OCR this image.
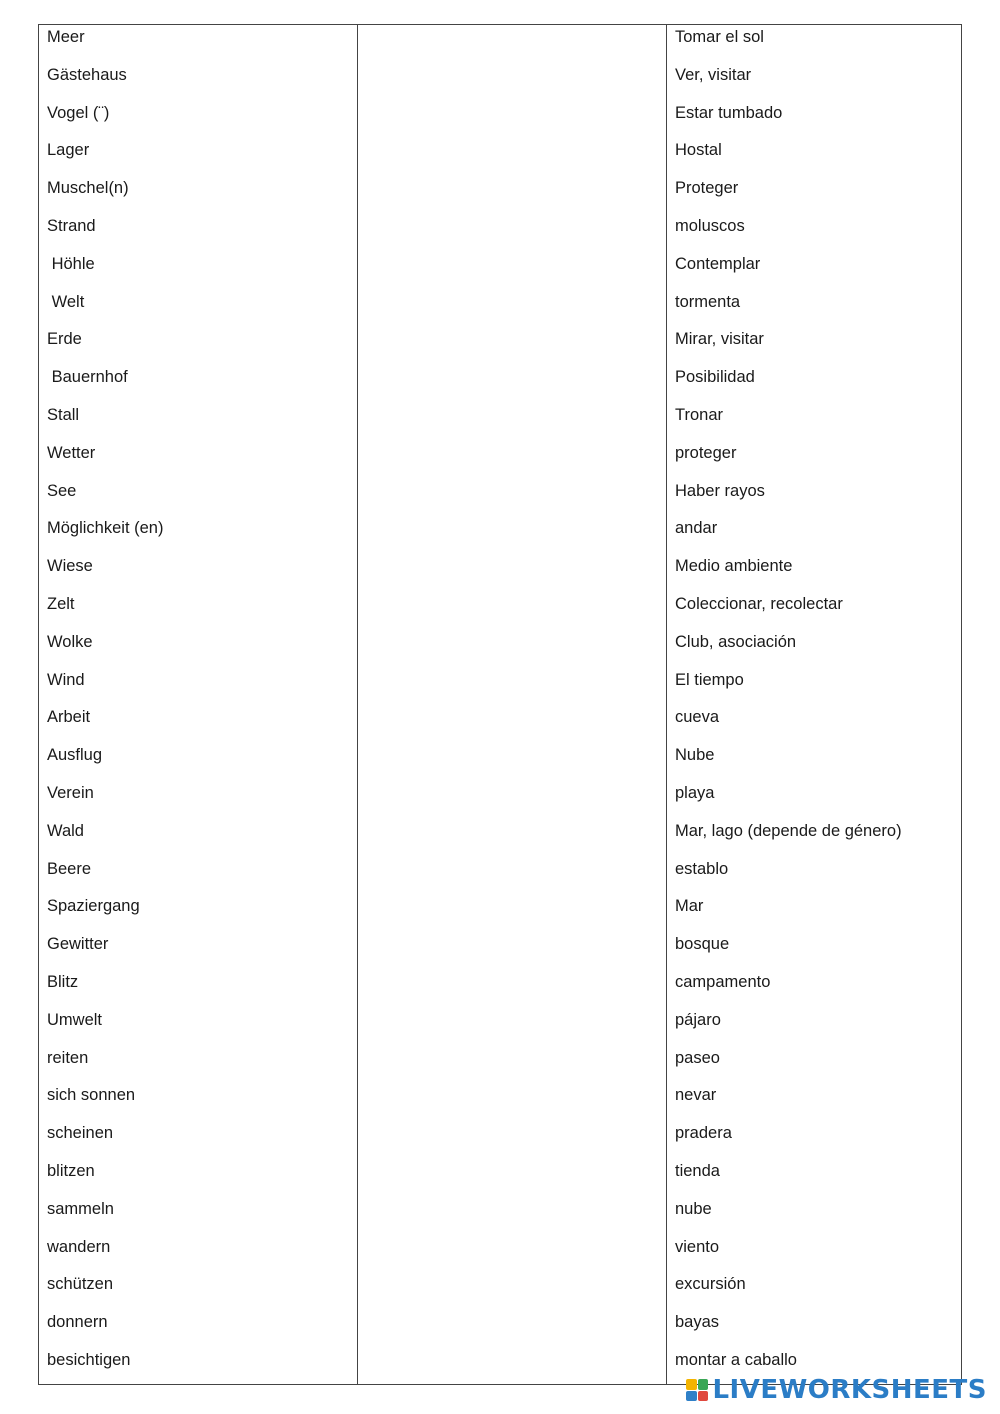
Meer
Gästehaus
Vogel (¨)
Lager
Muschel(n)
Strand
Höhle
Welt
Erde
Bauernhof
Stall
Wetter
See
Möglichkeit (en)
Wiese
Zelt
Wolke
Wind
Arbeit
Ausflug
Verein
Wald
Beere
Spaziergang
Gewitter
Blitz
Umwelt
reiten
sich sonnen
scheinen
blitzen
sammeln
wandern
schützen
donnern
besichtigen
Tomar el sol
Ver, visitar
Estar tumbado
Hostal
Proteger
moluscos
Contemplar
tormenta
Mirar, visitar
Posibilidad
Tronar
proteger
Haber rayos
andar
Medio ambiente
Coleccionar, recolectar
Club, asociación
El tiempo
cueva
Nube
playa
Mar, lago (depende de género)
establo
Mar
bosque
campamento
pájaro
paseo
nevar
pradera
tienda
nube
viento
excursión
bayas
montar a caballo
LIVEWORKSHEETS
